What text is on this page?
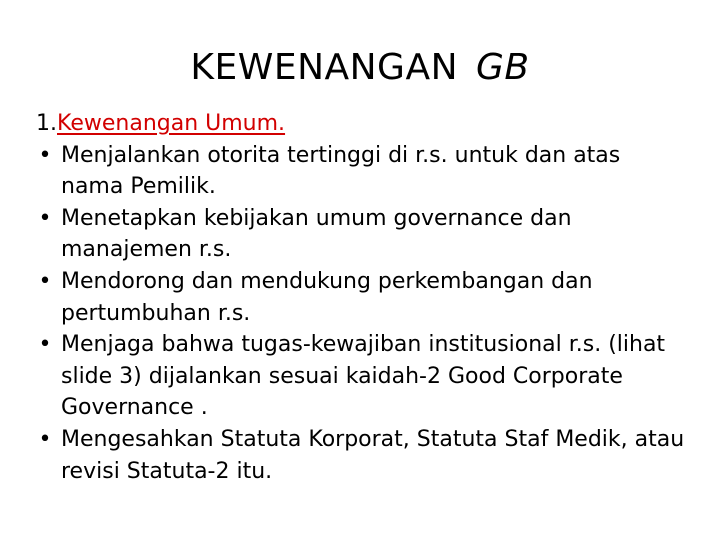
KEWENANGAN GB
1.Kewenangan Umum.
• Menjalankan otorita tertinggi di r.s. untuk dan atas nama Pemilik.
• Menetapkan kebijakan umum governance dan manajemen r.s.
• Mendorong dan mendukung perkembangan dan pertumbuhan r.s.
• Menjaga bahwa tugas-kewajiban institusional r.s. (lihat slide 3) dijalankan sesuai kaidah-2 Good Corporate Governance .
• Mengesahkan Statuta Korporat, Statuta Staf Medik, atau revisi Statuta-2 itu.
